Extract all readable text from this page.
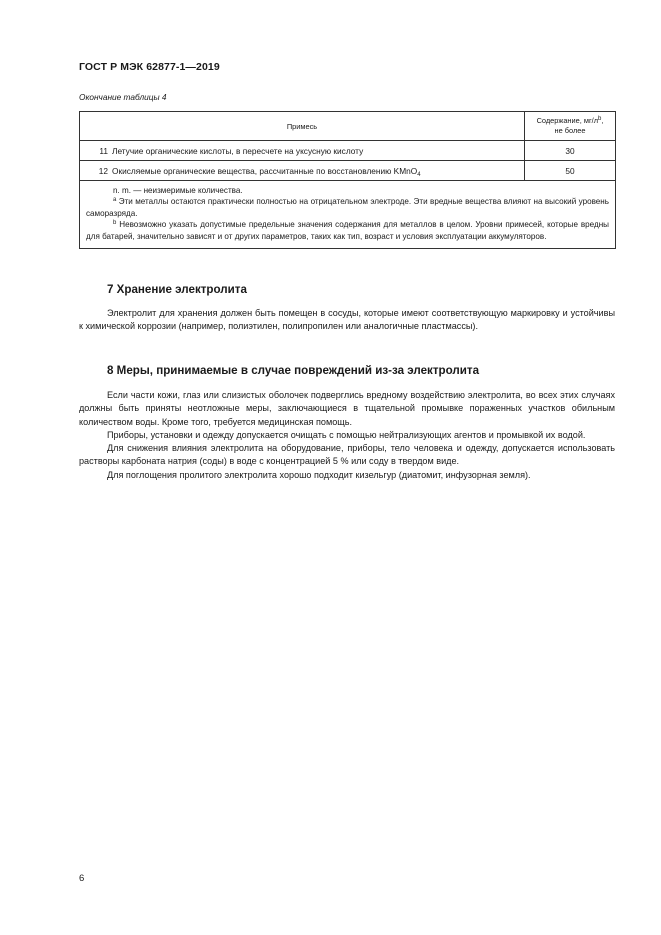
ГОСТ Р МЭК 62877-1—2019
Окончание таблицы 4
Примесь	Содержание, $мг/л^b$,
не более
11 Летучие органические кислоты, в пересчете на уксусную кислоту	30
12 Окисляемые органические вещества, рассчитанные по восстановлению KMnO$_4$	50

n. m. — неизмеримые количества.
$^a$ Эти металлы остаются практически полностью на отрицательном электроде. Эти вредные вещества влияют на высокий уровень саморазряда.
$^b$ Невозможно указать допустимые предельные значения содержания для металлов в целом. Уровни примесей, которые вредны для батарей, значительно зависят и от других параметров, таких как тип, возраст и условия эксплуатации аккумуляторов.	
7 Хранение электролита

Электролит для хранения должен быть помещен в сосуды, которые имеют соответствующую маркировку и устойчивы к химической коррозии (например, полиэтилен, полипропилен или аналогичные пластмассы).

8 Меры, принимаемые в случае повреждений из-за электролита

Если части кожи, глаз или слизистых оболочек подверглись вредному воздействию электролита, во всех этих случаях должны быть приняты неотложные меры, заключающиеся в тщательной промывке пораженных участков обильным количеством воды. Кроме того, требуется медицинская помощь.

Приборы, установки и одежду допускается очищать с помощью нейтрализующих агентов и промывкой их водой.

Для снижения влияния электролита на оборудование, приборы, тело человека и одежду, допускается использовать растворы карбоната натрия (соды) в воде с концентрацией 5 % или соду в твердом виде.

Для поглощения пролитого электролита хорошо подходит кизельгур (диатомит, инфузорная земля).

6
